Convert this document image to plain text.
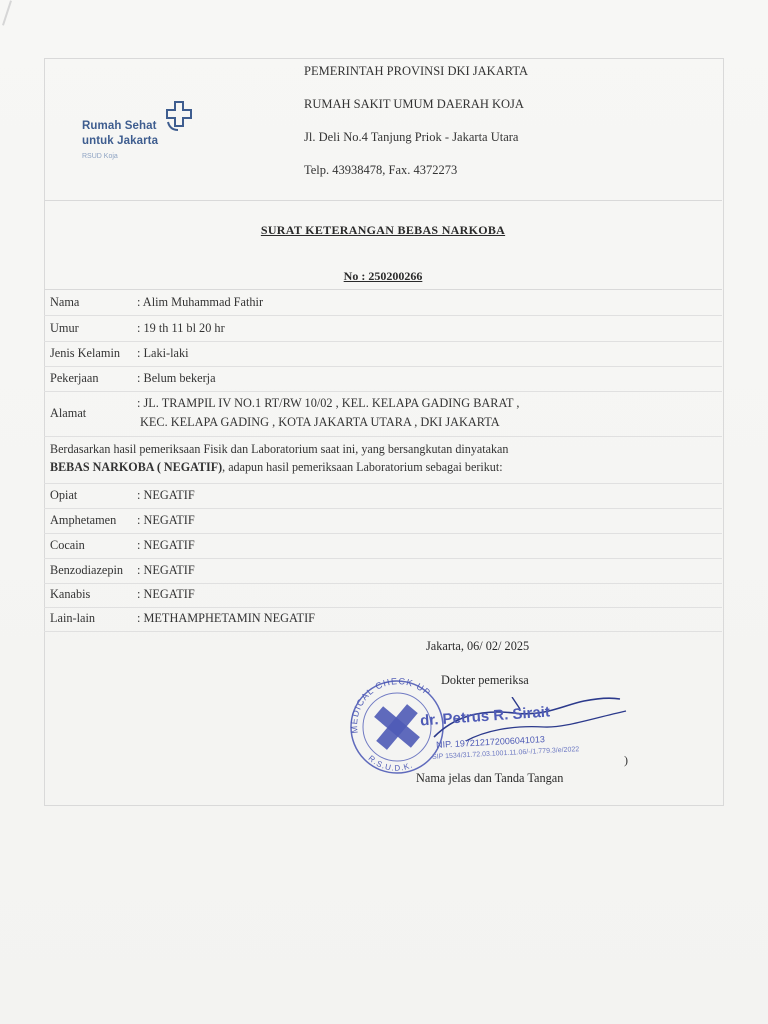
Rumah Sehat
untuk Jakarta
RSUD Koja
PEMERINTAH PROVINSI DKI JAKARTA
RUMAH SAKIT UMUM DAERAH KOJA
Jl. Deli No.4 Tanjung Priok - Jakarta Utara
Telp. 43938478, Fax. 4372273
SURAT KETERANGAN BEBAS NARKOBA
No : 250200266
Nama	: Alim Muhammad Fathir
Umur	: 19 th 11 bl 20 hr
Jenis Kelamin : Laki-laki
Pekerjaan	: Belum bekerja
Alamat
: JL. TRAMPIL IV NO.1 RT/RW 10/02 , KEL. KELAPA GADING BARAT ,
KEC. KELAPA GADING , KOTA JAKARTA UTARA , DKI JAKARTA
Berdasarkan hasil pemeriksaan Fisik dan Laboratorium saat ini, yang bersangkutan dinyatakan
BEBAS NARKOBA ( NEGATIF), adapun hasil pemeriksaan Laboratorium sebagai berikut:
Opiat	: NEGATIF
Amphetamen : NEGATIF
Cocain	: NEGATIF
Benzodiazepin : NEGATIF
Kanabis	: NEGATIF
Lain-lain	: METHAMPHETAMIN NEGATIF
Jakarta, 06/ 02/ 2025
Dokter pemeriksa
MEDICAL CHECK UP
R.S.U.D.K.
dr. Petrus R. Sirait
NIP. 197212172006041013
SIP 1534/31.72.03.1001.11.06/-/1.779.3/e/2022	)
Nama jelas dan Tanda Tangan
